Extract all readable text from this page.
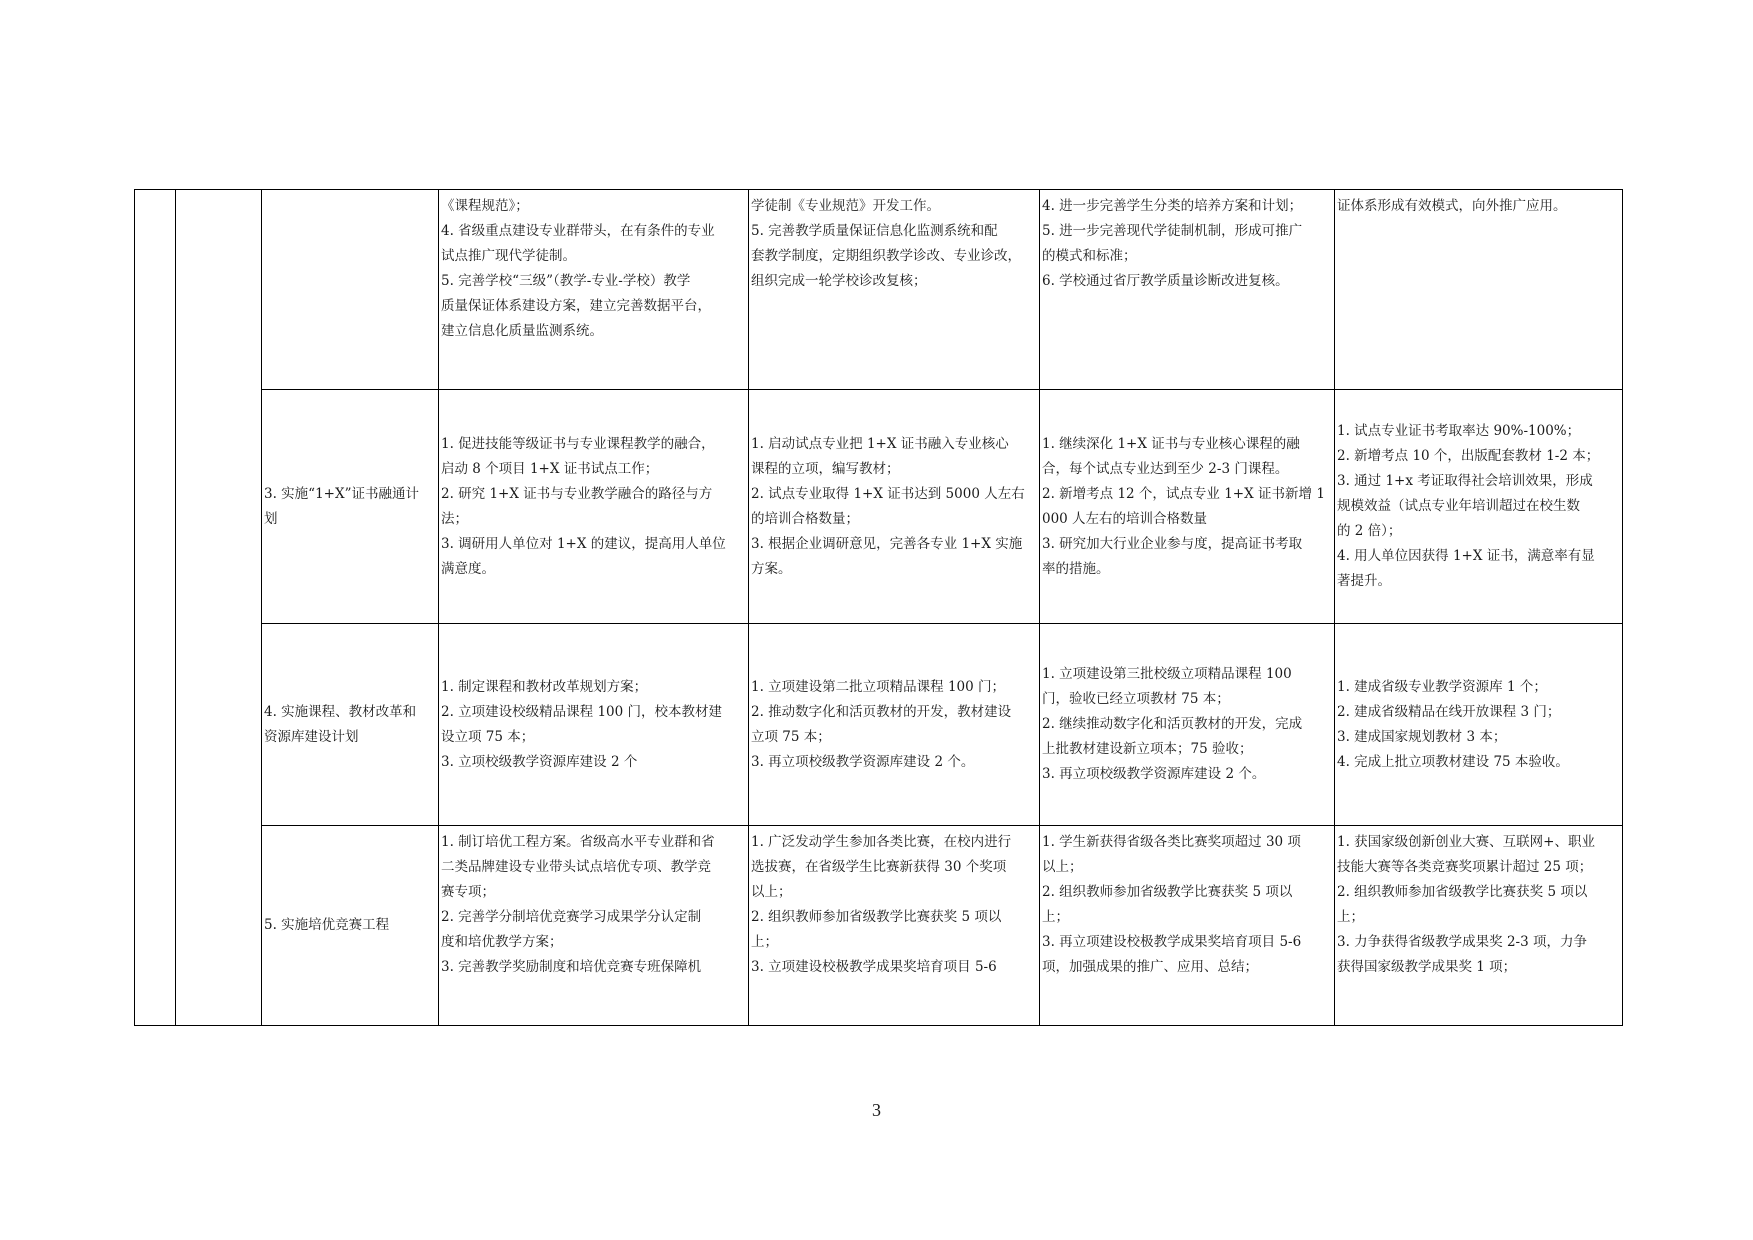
《课程规范》；
4. 省级重点建设专业群带头，在有条件的专业
试点推广现代学徒制。
5. 完善学校“三级”（教学-专业-学校）教学
质量保证体系建设方案，建立完善数据平台，
建立信息化质量监测系统。
学徒制《专业规范》开发工作。
5. 完善教学质量保证信息化监测系统和配
套教学制度，定期组织教学诊改、专业诊改，
组织完成一轮学校诊改复核；
4. 进一步完善学生分类的培养方案和计划；
5. 进一步完善现代学徒制机制，形成可推广
的模式和标准；
6. 学校通过省厅教学质量诊断改进复核。
证体系形成有效模式，向外推广应用。
3. 实施“1+X”证书融通计
划
1. 促进技能等级证书与专业课程教学的融合，
启动 8 个项目 1+X 证书试点工作；
2. 研究 1+X 证书与专业教学融合的路径与方
法；
3. 调研用人单位对 1+X 的建议，提高用人单位
满意度。
1. 启动试点专业把 1+X 证书融入专业核心
课程的立项，编写教材；
2. 试点专业取得 1+X 证书达到 5000 人左右
的培训合格数量；
3. 根据企业调研意见，完善各专业 1+X 实施
方案。
1. 继续深化 1+X 证书与专业核心课程的融
合，每个试点专业达到至少 2-3 门课程。
2. 新增考点 12 个，试点专业 1+X 证书新增 1
000 人左右的培训合格数量
3. 研究加大行业企业参与度，提高证书考取
率的措施。
1. 试点专业证书考取率达 90%-100%；
2. 新增考点 10 个，出版配套教材 1-2 本；
3. 通过 1+x 考证取得社会培训效果，形成
规模效益（试点专业年培训超过在校生数
的 2 倍）；
4. 用人单位因获得 1+X 证书，满意率有显
著提升。
4. 实施课程、教材改革和
资源库建设计划
1. 制定课程和教材改革规划方案；
2. 立项建设校级精品课程 100 门，校本教材建
设立项 75 本；
3. 立项校级教学资源库建设 2 个
1. 立项建设第二批立项精品课程 100 门；
2. 推动数字化和活页教材的开发，教材建设
立项 75 本；
3. 再立项校级教学资源库建设 2 个。
1. 立项建设第三批校级立项精品课程 100
门，验收已经立项教材 75 本；
2. 继续推动数字化和活页教材的开发，完成
上批教材建设新立项本；75 验收；
3. 再立项校级教学资源库建设 2 个。
1. 建成省级专业教学资源库 1 个；
2. 建成省级精品在线开放课程 3 门；
3. 建成国家规划教材 3 本；
4. 完成上批立项教材建设 75 本验收。
5. 实施培优竞赛工程
1. 制订培优工程方案。省级高水平专业群和省
二类品牌建设专业带头试点培优专项、教学竞
赛专项；
2. 完善学分制培优竞赛学习成果学分认定制
度和培优教学方案；
3. 完善教学奖励制度和培优竞赛专班保障机
1. 广泛发动学生参加各类比赛，在校内进行
选拔赛，在省级学生比赛新获得 30 个奖项
以上；
2. 组织教师参加省级教学比赛获奖 5 项以
上；
3. 立项建设校极教学成果奖培育项目 5-6
1. 学生新获得省级各类比赛奖项超过 30 项
以上；
2. 组织教师参加省级教学比赛获奖 5 项以
上；
3. 再立项建设校极教学成果奖培育项目 5-6
项，加强成果的推广、应用、总结；
1. 获国家级创新创业大赛、互联网+、职业
技能大赛等各类竞赛奖项累计超过 25 项；
2. 组织教师参加省级教学比赛获奖 5 项以
上；
3. 力争获得省级教学成果奖 2-3 项，力争
获得国家级教学成果奖 1 项；
3
